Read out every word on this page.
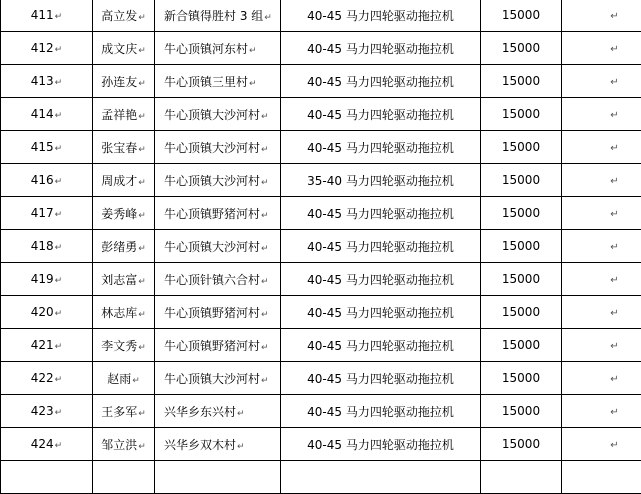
411↵	高立发↵	新合镇得胜村 3 组↵	40-45 马力四轮驱动拖拉机	15000	↵
412↵	成文庆↵	牛心顶镇河东村↵	40-45 马力四轮驱动拖拉机	15000	↵
413↵	孙连友↵	牛心顶镇三里村↵	40-45 马力四轮驱动拖拉机	15000	↵
414↵	孟祥艳↵	牛心顶镇大沙河村↵	40-45 马力四轮驱动拖拉机	15000	↵
415↵	张宝春↵	牛心顶镇大沙河村↵	40-45 马力四轮驱动拖拉机	15000	↵
416↵	周成才↵	牛心顶镇大沙河村↵	35-40 马力四轮驱动拖拉机	15000	↵
417↵	姜秀峰↵	牛心顶镇野猪河村↵	40-45 马力四轮驱动拖拉机	15000	↵
418↵	彭绪勇↵	牛心顶镇大沙河村↵	40-45 马力四轮驱动拖拉机	15000	↵
419↵	刘志富↵	牛心顶针镇六合村↵	40-45 马力四轮驱动拖拉机	15000	↵
420↵	林志库↵	牛心顶镇野猪河村↵	40-45 马力四轮驱动拖拉机	15000	↵
421↵	李文秀↵	牛心顶镇野猪河村↵	40-45 马力四轮驱动拖拉机	15000	↵
422↵	赵雨↵	牛心顶镇大沙河村↵	40-45 马力四轮驱动拖拉机	15000	↵
423↵	王多军↵	兴华乡东兴村↵	40-45 马力四轮驱动拖拉机	15000	↵
424↵	邹立洪↵	兴华乡双木村↵	40-45 马力四轮驱动拖拉机	15000	↵
